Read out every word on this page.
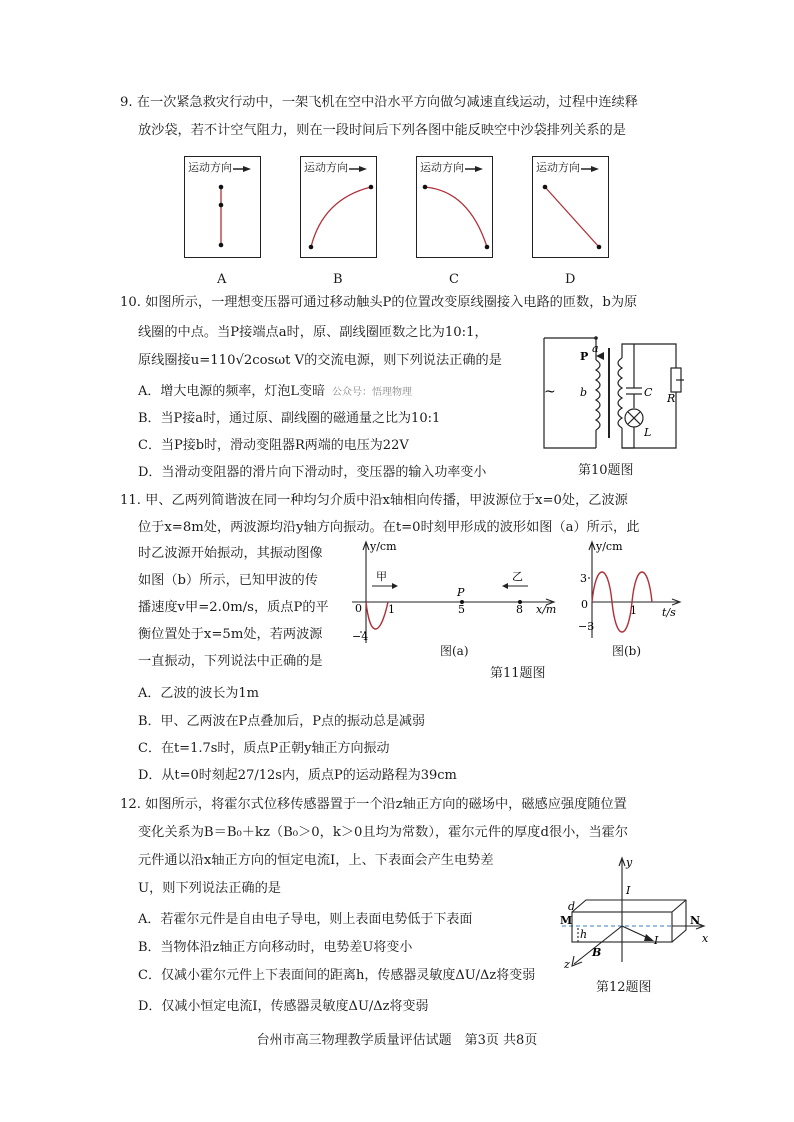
9. 在一次紧急救灾行动中，一架飞机在空中沿水平方向做匀减速直线运动，过程中连续释
放沙袋，若不计空气阻力，则在一段时间后下列各图中能反映空中沙袋排列关系的是
运动方向	运动方向	运动方向	运动方向
A	B	C	D
10. 如图所示，一理想变压器可通过移动触头P的位置改变原线圈接入电路的匝数，b为原
线圈的中点。当P接端点a时，原、副线圈匝数之比为10:1，
原线圈接u=110√2cosωt V的交流电源，则下列说法正确的是
A．增大电源的频率，灯泡L变暗 公众号：悟理物理
B．当P接a时，通过原、副线圈的磁通量之比为10:1
C．当P接b时，滑动变阻器R两端的电压为22V
D．当滑动变阻器的滑片向下滑动时，变压器的输入功率变小
~
a
P
b	C R
L
第10题图
11. 甲、乙两列简谐波在同一种均匀介质中沿x轴相向传播，甲波源位于x=0处，乙波源
位于x=8m处，两波源均沿y轴方向振动。在t=0时刻甲形成的波形如图（a）所示，此
时乙波源开始振动，其振动图像
如图（b）所示，已知甲波的传
播速度v甲=2.0m/s，质点P的平
衡位置处于x=5m处，若两波源
一直振动，下列说法中正确的是
y/cm
x/m
甲	乙
P
0 1	5	8
−4
图(a)
y/cm
t/s
3
0
−3
1
图(b)
第11题图
A．乙波的波长为1m
B．甲、乙两波在P点叠加后，P点的振动总是减弱
C．在t=1.7s时，质点P正朝y轴正方向振动
D．从t=0时刻起27/12s内，质点P的运动路程为39cm
12. 如图所示，将霍尔式位移传感器置于一个沿z轴正方向的磁场中，磁感应强度随位置
变化关系为B＝B₀＋kz（B₀＞0，k＞0且均为常数），霍尔元件的厚度d很小，当霍尔
元件通以沿x轴正方向的恒定电流I，上、下表面会产生电势差
U，则下列说法正确的是
A．若霍尔元件是自由电子导电，则上表面电势低于下表面
B．当物体沿z轴正方向移动时，电势差U将变小
C．仅减小霍尔元件上下表面间的距离h，传感器灵敏度ΔU/Δz将变弱
D．仅减小恒定电流I，传感器灵敏度ΔU/Δz将变弱
y
x
z
d
M	N
h
I
I
B
第12题图
台州市高三物理教学质量评估试题　第3页 共8页
